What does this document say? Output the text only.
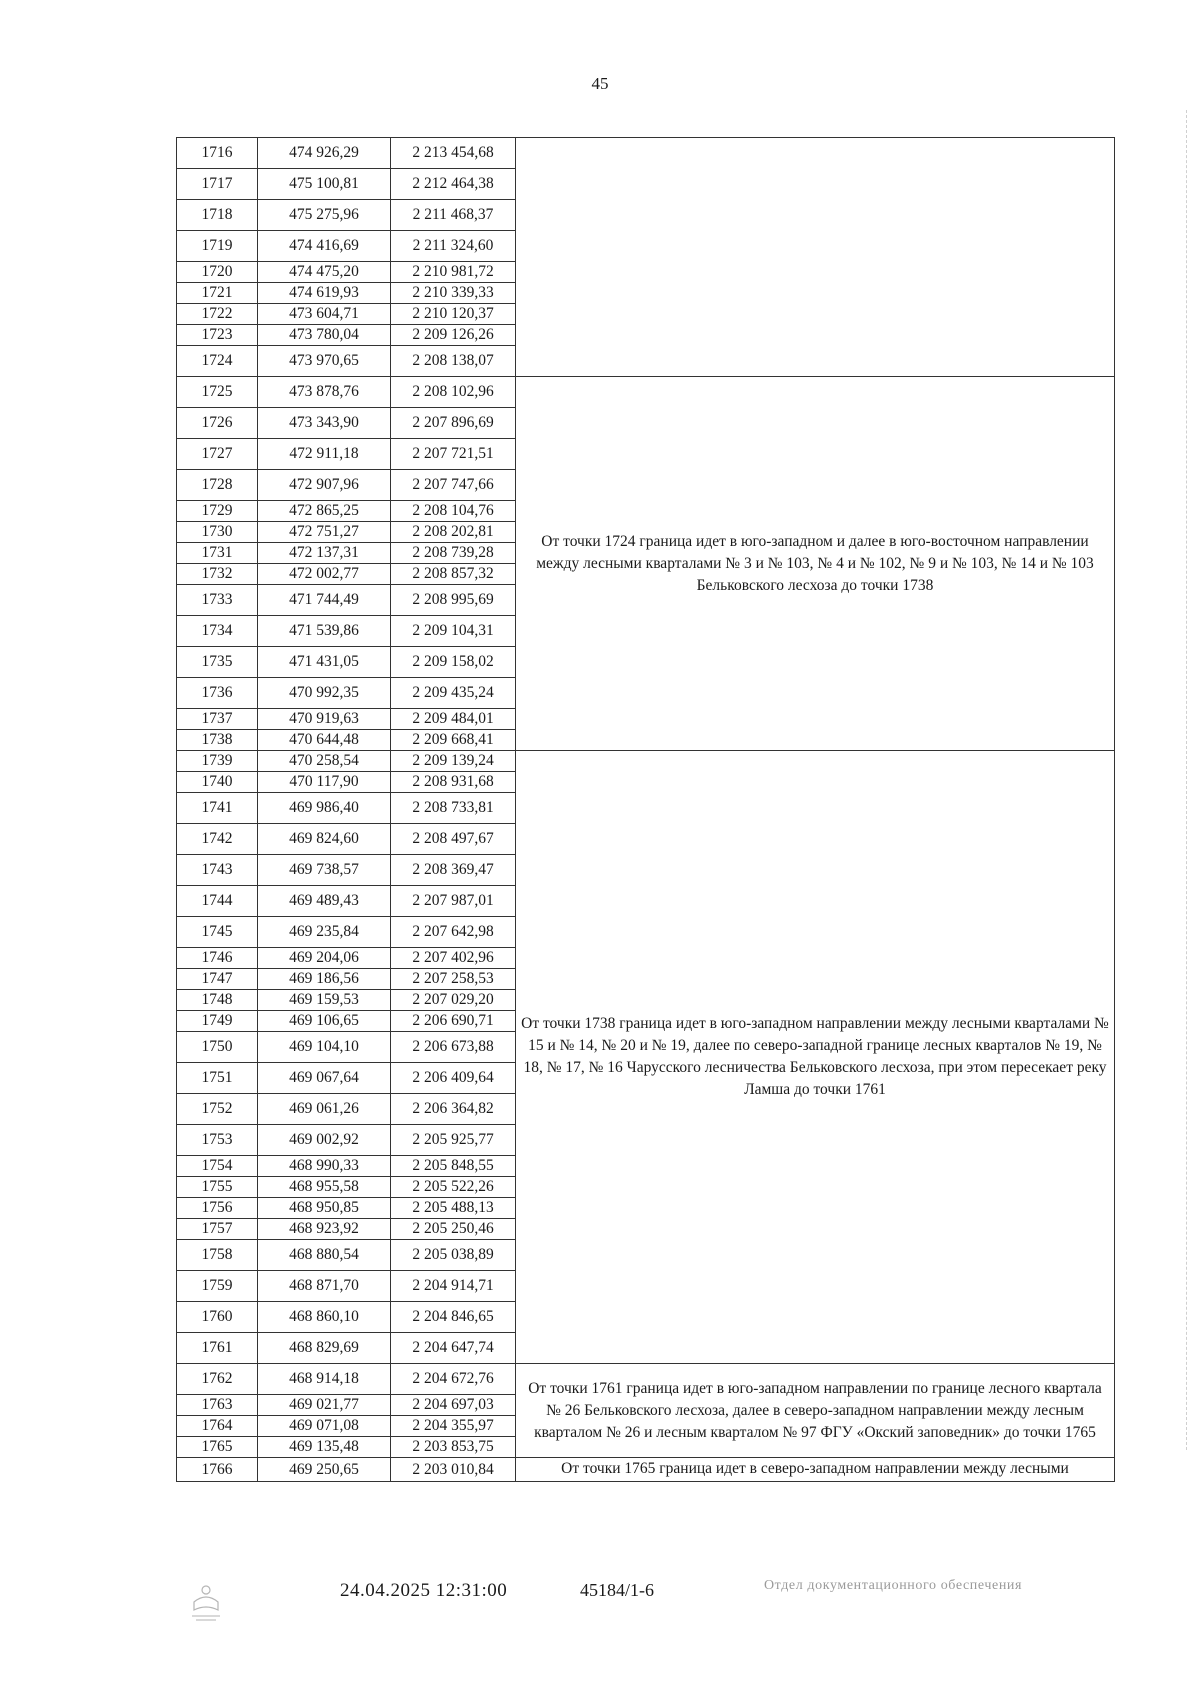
45
1716	474 926,29	2 213 454,68	
1717	475 100,81	2 212 464,38	
1718	475 275,96	2 211 468,37	
1719	474 416,69	2 211 324,60	
1720	474 475,20	2 210 981,72	
1721	474 619,93	2 210 339,33	
1722	473 604,71	2 210 120,37	
1723	473 780,04	2 209 126,26	
1724	473 970,65	2 208 138,07	
1725	473 878,76	2 208 102,96	От точки 1724 граница идет в юго-западном и далее в юго-восточном направлении между лесными кварталами № 3 и № 103, № 4 и № 102, № 9 и № 103, № 14 и № 103 Бельковского лесхоза до точки 1738
1726	473 343,90	2 207 896,69	
1727	472 911,18	2 207 721,51	
1728	472 907,96	2 207 747,66	
1729	472 865,25	2 208 104,76	
1730	472 751,27	2 208 202,81	
1731	472 137,31	2 208 739,28	
1732	472 002,77	2 208 857,32	
1733	471 744,49	2 208 995,69	
1734	471 539,86	2 209 104,31	
1735	471 431,05	2 209 158,02	
1736	470 992,35	2 209 435,24	
1737	470 919,63	2 209 484,01	
1738	470 644,48	2 209 668,41	
1739	470 258,54	2 209 139,24	От точки 1738 граница идет в юго-западном направлении между лесными кварталами № 15 и № 14, № 20 и № 19, далее по северо-западной границе лесных кварталов № 19, № 18, № 17, № 16 Чарусского лесничества Бельковского лесхоза, при этом пересекает реку Ламша до точки 1761
1740	470 117,90	2 208 931,68	
1741	469 986,40	2 208 733,81	
1742	469 824,60	2 208 497,67	
1743	469 738,57	2 208 369,47	
1744	469 489,43	2 207 987,01	
1745	469 235,84	2 207 642,98	
1746	469 204,06	2 207 402,96	
1747	469 186,56	2 207 258,53	
1748	469 159,53	2 207 029,20	
1749	469 106,65	2 206 690,71	
1750	469 104,10	2 206 673,88	
1751	469 067,64	2 206 409,64	
1752	469 061,26	2 206 364,82	
1753	469 002,92	2 205 925,77	
1754	468 990,33	2 205 848,55	
1755	468 955,58	2 205 522,26	
1756	468 950,85	2 205 488,13	
1757	468 923,92	2 205 250,46	
1758	468 880,54	2 205 038,89	
1759	468 871,70	2 204 914,71	
1760	468 860,10	2 204 846,65	
1761	468 829,69	2 204 647,74	
1762	468 914,18	2 204 672,76	От точки 1761 граница идет в юго-западном направлении по границе лесного квартала № 26 Бельковского лесхоза, далее в северо-западном направлении между лесным кварталом № 26 и лесным кварталом № 97 ФГУ «Окский заповедник» до точки 1765
1763	469 021,77	2 204 697,03	
1764	469 071,08	2 204 355,97	
1765	469 135,48	2 203 853,75	
1766	469 250,65	2 203 010,84	От точки 1765 граница идет в северо-западном направлении между лесными
24.04.2025 12:31:00	45184/1-6	Отдел документационного обеспечения
